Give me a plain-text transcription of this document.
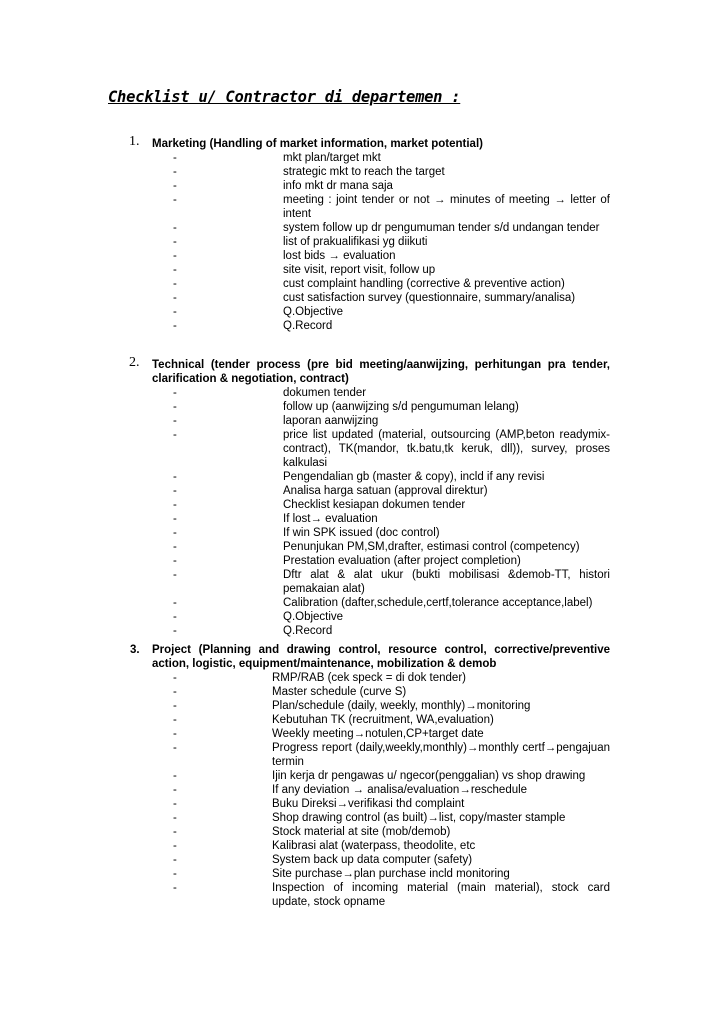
Checklist u/ Contractor di departemen :
1. Marketing (Handling of market information, market potential)
-	mkt plan/target mkt
-	strategic mkt to reach the target
-	info mkt dr mana saja
-	meeting : joint tender or not → minutes of meeting → letter of intent
-	system follow up dr pengumuman tender s/d undangan tender
-	list of prakualifikasi yg diikuti
-	lost bids → evaluation
-	site visit, report visit, follow up
-	cust complaint handling (corrective & preventive action)
-	cust satisfaction survey (questionnaire, summary/analisa)
-	Q.Objective
-	Q.Record
2. Technical (tender process (pre bid meeting/aanwijzing, perhitungan pra tender, clarification & negotiation, contract)
-	dokumen tender
-	follow up (aanwijzing s/d pengumuman lelang)
-	laporan aanwijzing
-	price list updated (material, outsourcing (AMP,beton readymix-contract), TK(mandor, tk.batu,tk keruk, dll)), survey, proses kalkulasi
-	Pengendalian gb (master & copy), incld if any revisi
-	Analisa harga satuan (approval direktur)
-	Checklist kesiapan dokumen tender
-	If lost→ evaluation
-	If win SPK issued (doc control)
-	Penunjukan PM,SM,drafter, estimasi control (competency)
-	Prestation evaluation (after project completion)
-	Dftr alat & alat ukur (bukti mobilisasi &demob-TT, histori pemakaian alat)
-	Calibration (dafter,schedule,certf,tolerance acceptance,label)
-	Q.Objective
-	Q.Record
3. Project (Planning and drawing control, resource control, corrective/preventive action, logistic, equipment/maintenance, mobilization & demob
-	RMP/RAB (cek speck = di dok tender)
-	Master schedule (curve S)
-	Plan/schedule (daily, weekly, monthly)→monitoring
-	Kebutuhan TK (recruitment, WA,evaluation)
-	Weekly meeting→notulen,CP+target date
-	Progress report (daily,weekly,monthly)→monthly certf→pengajuan termin
-	Ijin kerja dr pengawas u/ ngecor(penggalian) vs shop drawing
-	If any deviation → analisa/evaluation→reschedule
-	Buku Direksi→verifikasi thd complaint
-	Shop drawing control (as built)→list, copy/master stample
-	Stock material at site (mob/demob)
-	Kalibrasi alat (waterpass, theodolite, etc
-	System back up data computer (safety)
-	Site purchase→plan purchase incld monitoring
-	Inspection of incoming material (main material), stock card update, stock opname
